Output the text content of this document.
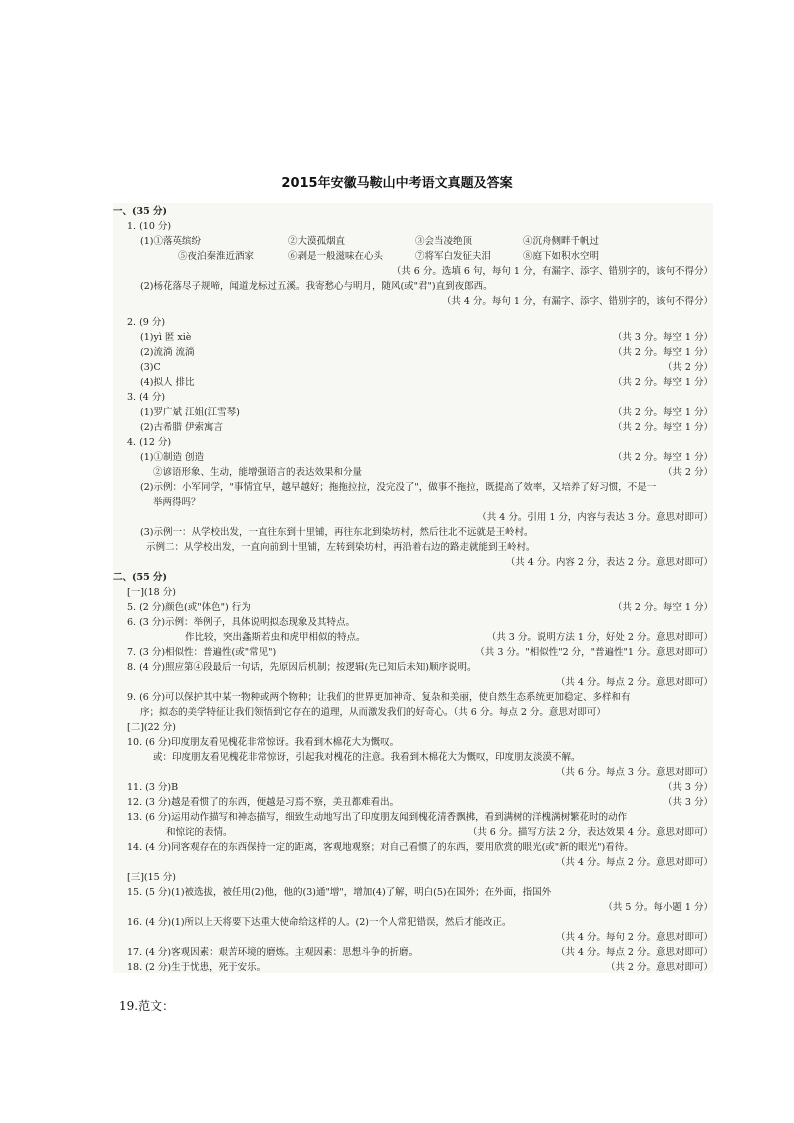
2015年安徽马鞍山中考语文真题及答案
一、(35 分)
1. (10 分)
(1)①落英缤纷	②大漠孤烟直	③会当凌绝顶	④沉舟侧畔千帆过
⑤夜泊秦淮近酒家	⑥剥是一般滋味在心头	⑦将军白发征夫泪	⑧庭下如积水空明
（共 6 分。选填 6 句，每句 1 分，有漏字、添字、错别字的，该句不得分）
(2)杨花落尽子规啼，闻道龙标过五溪。我寄愁心与明月，随风(或"君")直到夜郎西。
（共 4 分。每句 1 分，有漏字、添字、错别字的，该句不得分）
2. (9 分)
(1)yì 匿 xiè	（共 3 分。每空 1 分）
(2)流淌 流淌	（共 2 分。每空 1 分）
(3)C	（共 2 分）
(4)拟人 排比	（共 2 分。每空 1 分）
3. (4 分)
(1)罗广斌 江姐(江雪琴)	（共 2 分。每空 1 分）
(2)古希腊 伊索寓言	（共 2 分。每空 1 分）
4. (12 分)
(1)①制造 创造	（共 2 分。每空 1 分）
②谚语形象、生动，能增强语言的表达效果和分量	（共 2 分）
(2)示例：小军同学，"事情宜早，越早越好；拖拖拉拉，没完没了"，做事不拖拉，既提高了效率，又培养了好习惯，不是一
举两得吗？
（共 4 分。引用 1 分，内容与表达 3 分。意思对即可）
(3)示例一：从学校出发，一直往东到十里铺，再往东北到染坊村，然后往北不远就是王岭村。
示例二：从学校出发，一直向前到十里铺，左转到染坊村，再沿着右边的路走就能到王岭村。
（共 4 分。内容 2 分，表达 2 分。意思对即可）
二、(55 分)
[一](18 分)
5. (2 分)颜色(或"体色") 行为	（共 2 分。每空 1 分）
6. (3 分)示例：举例子，具体说明拟态现象及其特点。
作比较，突出螽斯若虫和虎甲相似的特点。	（共 3 分。说明方法 1 分，好处 2 分。意思对即可）
7. (3 分)相似性：普遍性(或"常见")	（共 3 分。"相似性"2 分，"普遍性"1 分。意思对即可）
8. (4 分)照应第④段最后一句话，先原因后机制；按逻辑(先已知后未知)顺序说明。
（共 4 分。每点 2 分。意思对即可）
9. (6 分)可以保护其中某一物种或两个物种；让我们的世界更加神奇、复杂和美丽，使自然生态系统更加稳定、多样和有
序；拟态的美学特征让我们领悟到它存在的道理，从而激发我们的好奇心。（共 6 分。每点 2 分。意思对即可）
[二](22 分)
10. (6 分)印度朋友看见槐花非常惊讶。我看到木棉花大为慨叹。
或：印度朋友看见槐花非常惊讶，引起我对槐花的注意。我看到木棉花大为慨叹，印度朋友淡漠不解。
（共 6 分。每点 3 分。意思对即可）
11. (3 分)B	（共 3 分）
12. (3 分)越是看惯了的东西，便越是习焉不察，美丑都难看出。	（共 3 分）
13. (6 分)运用动作描写和神态描写，细致生动地写出了印度朋友闻到槐花清香飘拂，看到满树的洋槐满树繁花时的动作
和惊诧的表情。	（共 6 分。描写方法 2 分，表达效果 4 分。意思对即可）
14. (4 分)同客观存在的东西保持一定的距离，客观地观察；对自己看惯了的东西，要用欣赏的眼光(或"新的眼光")看待。
（共 4 分。每点 2 分。意思对即可）
[三](15 分)
15. (5 分)(1)被选拔，被任用(2)他，他的(3)通"增"，增加(4)了解，明白(5)在国外；在外面，指国外
（共 5 分。每小题 1 分）
16. (4 分)(1)所以上天将要下达重大使命给这样的人。(2)一个人常犯错误，然后才能改正。
（共 4 分。每句 2 分。意思对即可）
17. (4 分)客观因素：艰苦环境的磨炼。主观因素：思想斗争的折磨。	（共 4 分。每点 2 分。意思对即可）
18. (2 分)生于忧患，死于安乐。	（共 2 分。意思对即可）
19.范文：
